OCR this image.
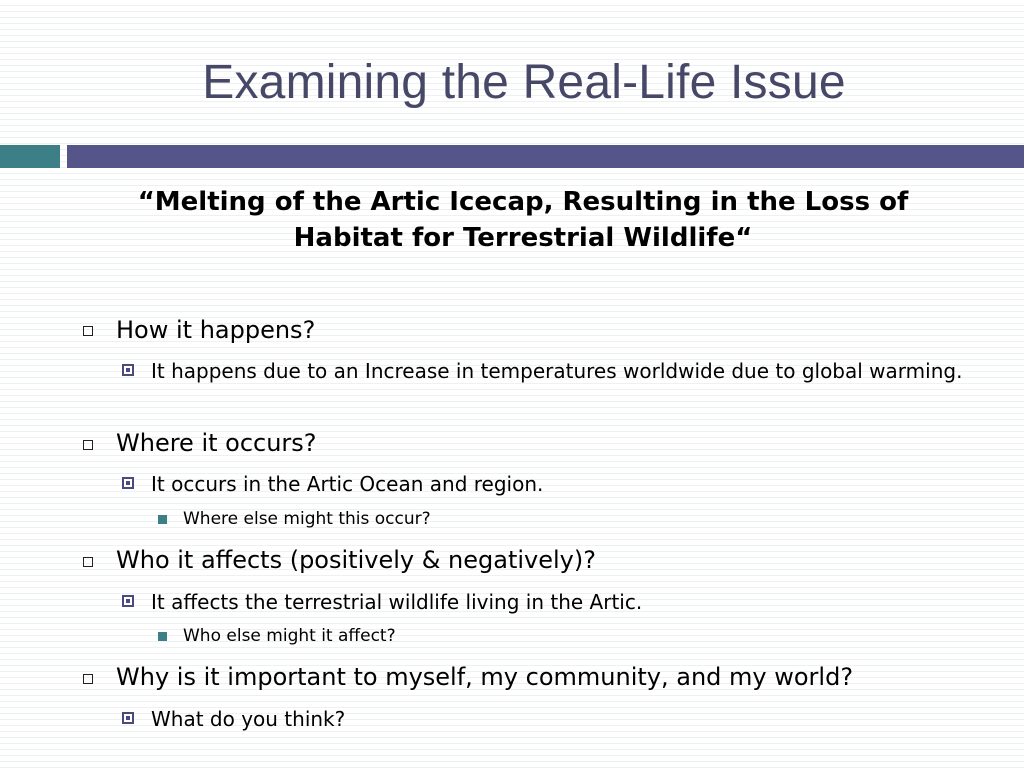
Examining the Real-Life Issue
“Melting of the Artic Icecap, Resulting in the Loss of Habitat for Terrestrial Wildlife“
How it happens?
It happens due to an Increase in temperatures worldwide due to global warming.
Where it occurs?
It occurs in the Artic Ocean and region.
Where else might this occur?
Who it affects (positively & negatively)?
It affects the terrestrial wildlife living in the Artic.
Who else might it affect?
Why is it important to myself, my community, and my world?
What do you think?
